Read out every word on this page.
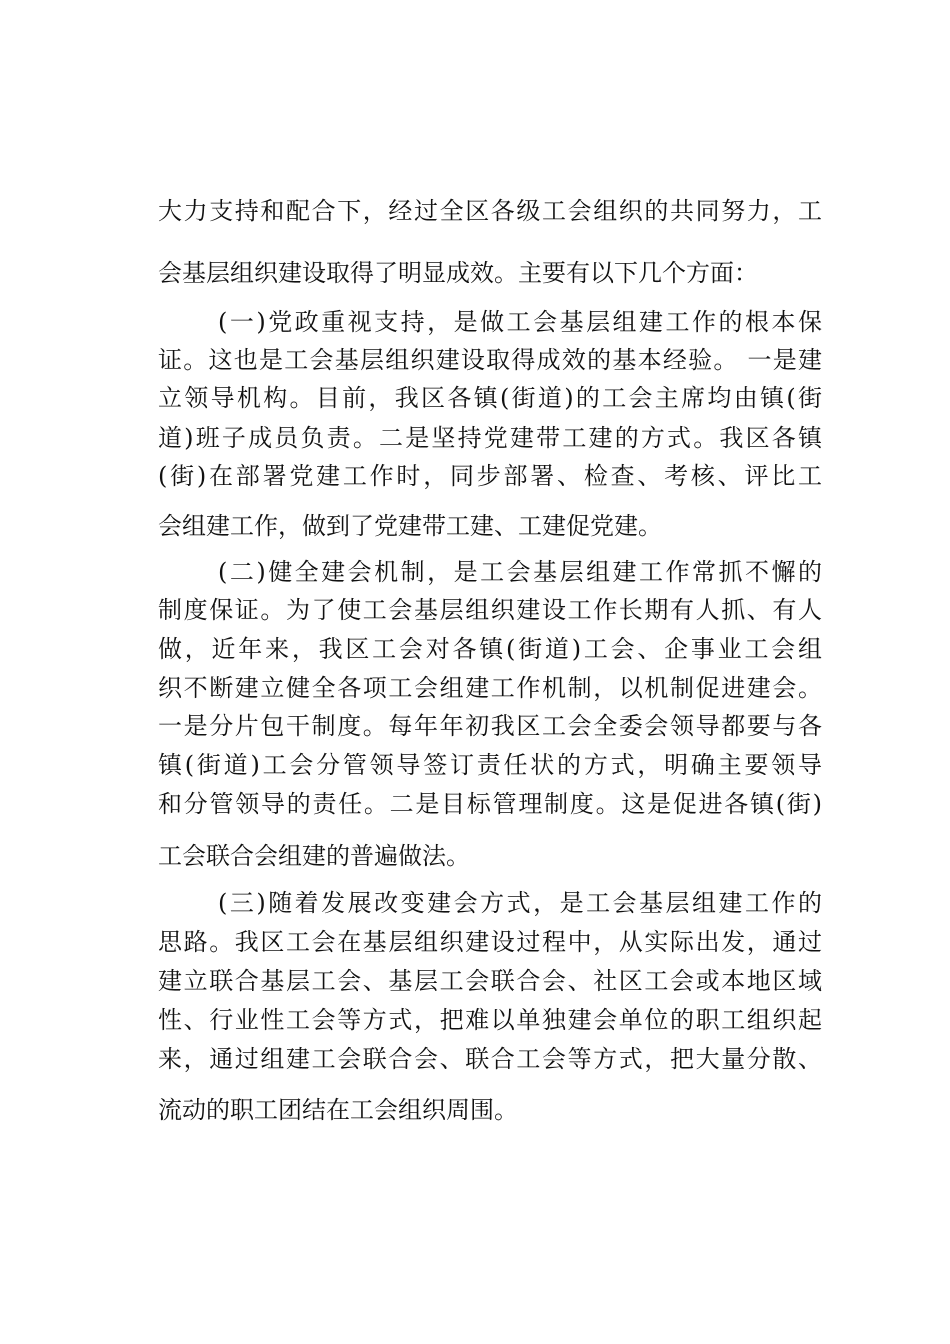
大力支持和配合下，经过全区各级工会组织的共同努力，工
会基层组织建设取得了明显成效。主要有以下几个方面：
(一)党政重视支持，是做工会基层组建工作的根本保
证。这也是工会基层组织建设取得成效的基本经验。 一是建
立领导机构。目前，我区各镇(街道)的工会主席均由镇(街
道)班子成员负责。二是坚持党建带工建的方式。我区各镇
(街)在部署党建工作时，同步部署、检查、考核、评比工
会组建工作，做到了党建带工建、工建促党建。
(二)健全建会机制，是工会基层组建工作常抓不懈的
制度保证。为了使工会基层组织建设工作长期有人抓、有人
做，近年来，我区工会对各镇(街道)工会、企事业工会组
织不断建立健全各项工会组建工作机制，以机制促进建会。
一是分片包干制度。每年年初我区工会全委会领导都要与各
镇(街道)工会分管领导签订责任状的方式，明确主要领导
和分管领导的责任。二是目标管理制度。这是促进各镇(街)
工会联合会组建的普遍做法。
(三)随着发展改变建会方式，是工会基层组建工作的
思路。我区工会在基层组织建设过程中，从实际出发，通过
建立联合基层工会、基层工会联合会、社区工会或本地区域
性、行业性工会等方式，把难以单独建会单位的职工组织起
来，通过组建工会联合会、联合工会等方式，把大量分散、
流动的职工团结在工会组织周围。
